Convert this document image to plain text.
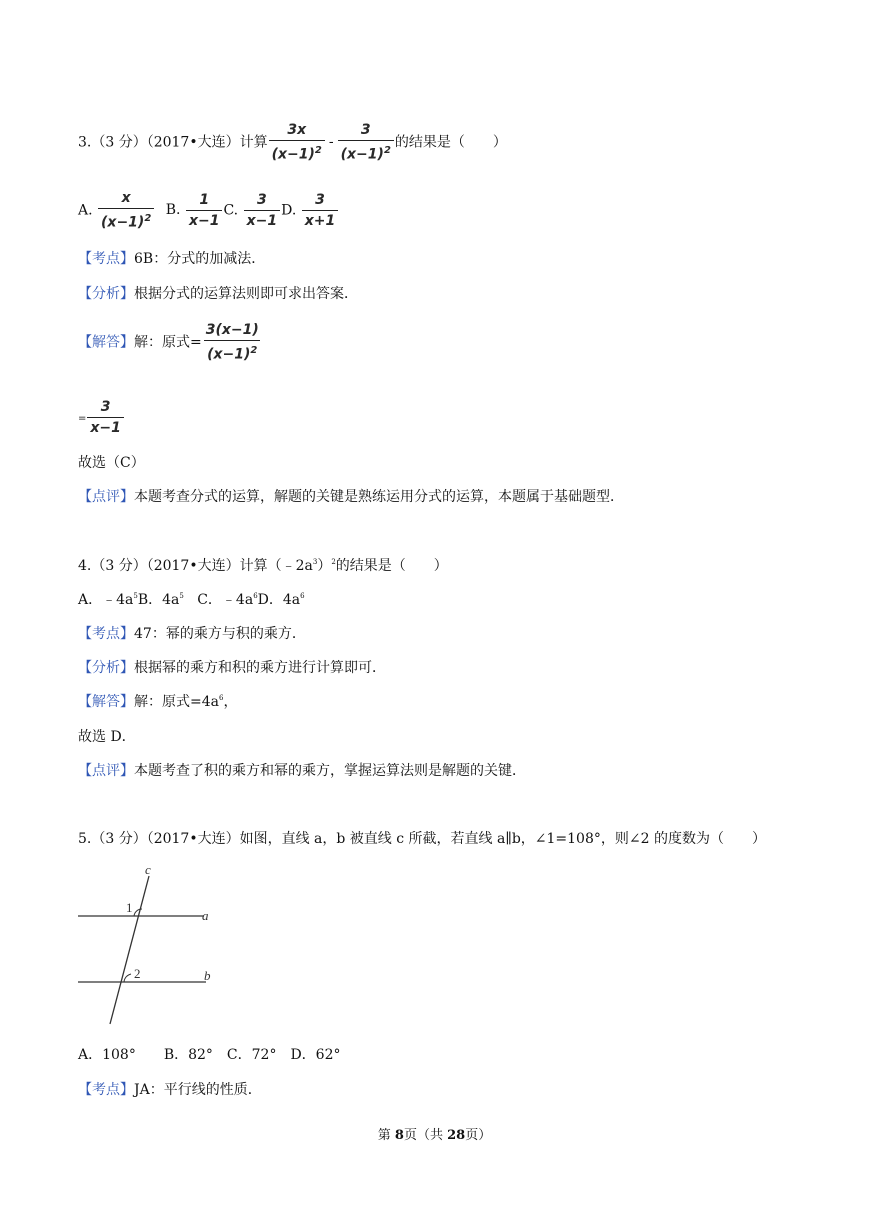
3.（3 分）（2017•大连）计算 $\frac{3x}{(x-1)^2} - \frac{3}{(x-1)^2}$ 的结果是（　　）
A. $\frac{x}{(x-1)^2} B$. $\frac{1}{x-1} C$. $\frac{3}{x-1} D$. $\frac{3}{x+1}$
【考点】6B：分式的加减法．
【分析】根据分式的运算法则即可求出答案．
【解答】解：原式= $\frac{3(x-1)}{(x-1)^2}$
= $\frac{3}{x-1}$
故选（C）
【点评】本题考查分式的运算，解题的关键是熟练运用分式的运算，本题属于基础题型．
4.（3 分）（2017•大连）计算$(﹣2a^3)^2$的结果是（　　）
A．$﹣4a^5B$．$4a^5$ C．$﹣4a^6D$．$4a^6$
【考点】47：幂的乘方与积的乘方．
【分析】根据幂的乘方和积的乘方进行计算即可．
【解答】解：原式$=4a^6$，
故选 D．
【点评】本题考查了积的乘方和幂的乘方，掌握运算法则是解题的关键．
5.（3 分）（2017•大连）如图，直线 a，b 被直线 c 所截，若直线 a∥b，∠1=108°，则∠2 的度数为（　　）
c
a
b
1
2
A．108°　　B．82°　C．72°　D．62°
【考点】JA：平行线的性质．
第 8页（共 28页）
